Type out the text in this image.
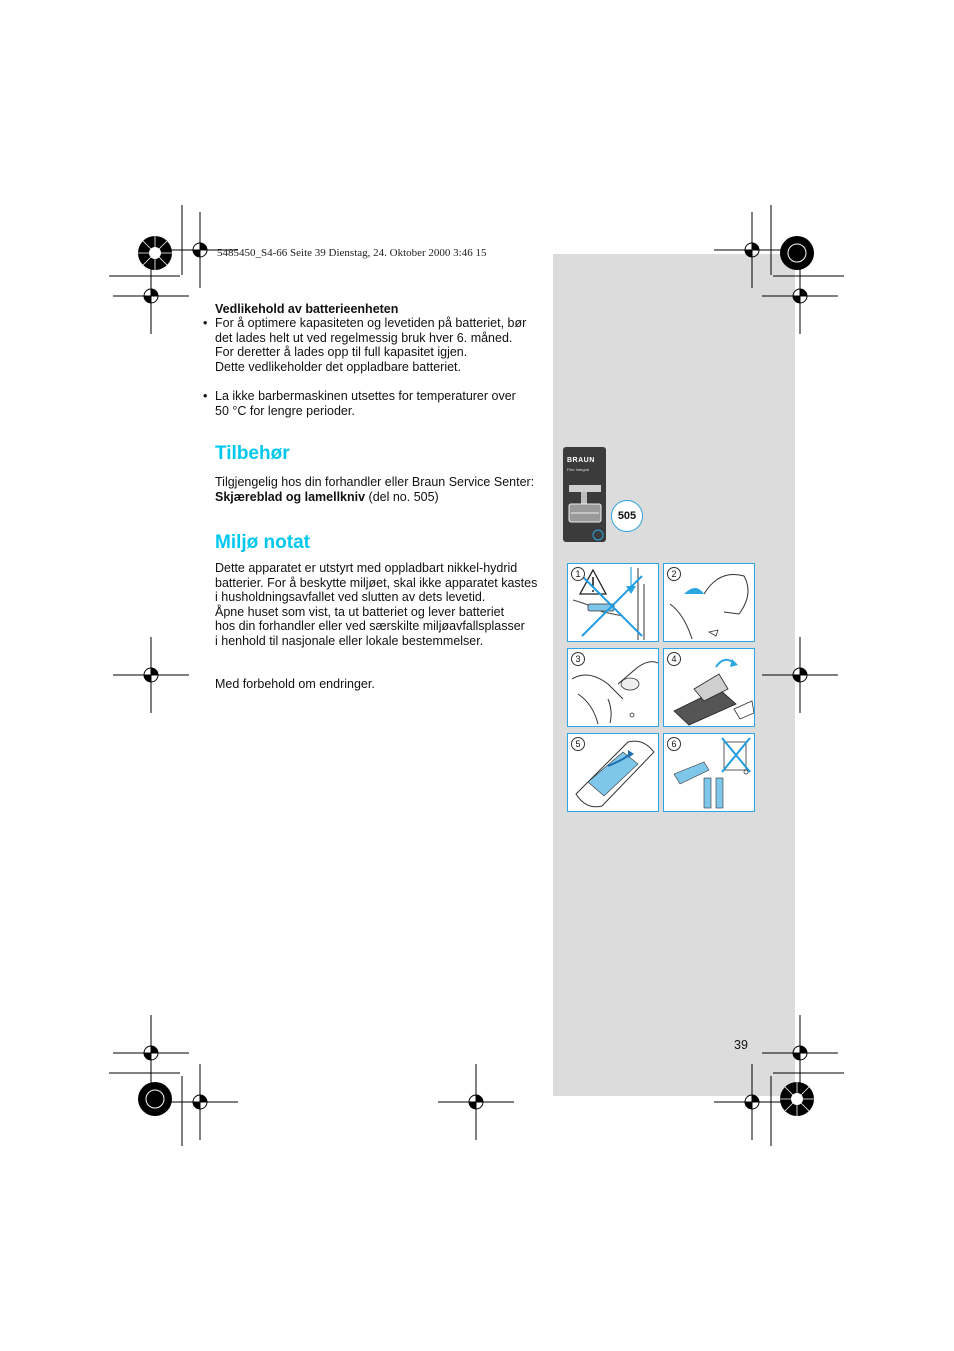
5485450_S4-66 Seite 39 Dienstag, 24. Oktober 2000 3:46 15
Vedlikehold av batterieenheten
• For å optimere kapasiteten og levetiden på batteriet, bør
det lades helt ut ved regelmessig bruk hver 6. måned.
For deretter å lades opp til full kapasitet igjen.
Dette vedlikeholder det oppladbare batteriet.
• La ikke barbermaskinen utsettes for temperaturer over
50 °C for lengre perioder.
Tilbehør
Tilgjengelig hos din forhandler eller Braun Service Senter:
Skjæreblad og lamellkniv (del no. 505)
Miljø notat
Dette apparatet er utstyrt med oppladbart nikkel-hydrid
batterier. For å beskytte miljøet, skal ikke apparatet kastes
i husholdningsavfallet ved slutten av dets levetid.
Åpne huset som vist, ta ut batteriet og lever batteriet
hos din forhandler eller ved særskilte miljøavfallsplasser
i henhold til nasjonale eller lokale bestemmelser.
Med forbehold om endringer.
BRAUN
Flex Integral
505
1	2
3	4
5	6
39
